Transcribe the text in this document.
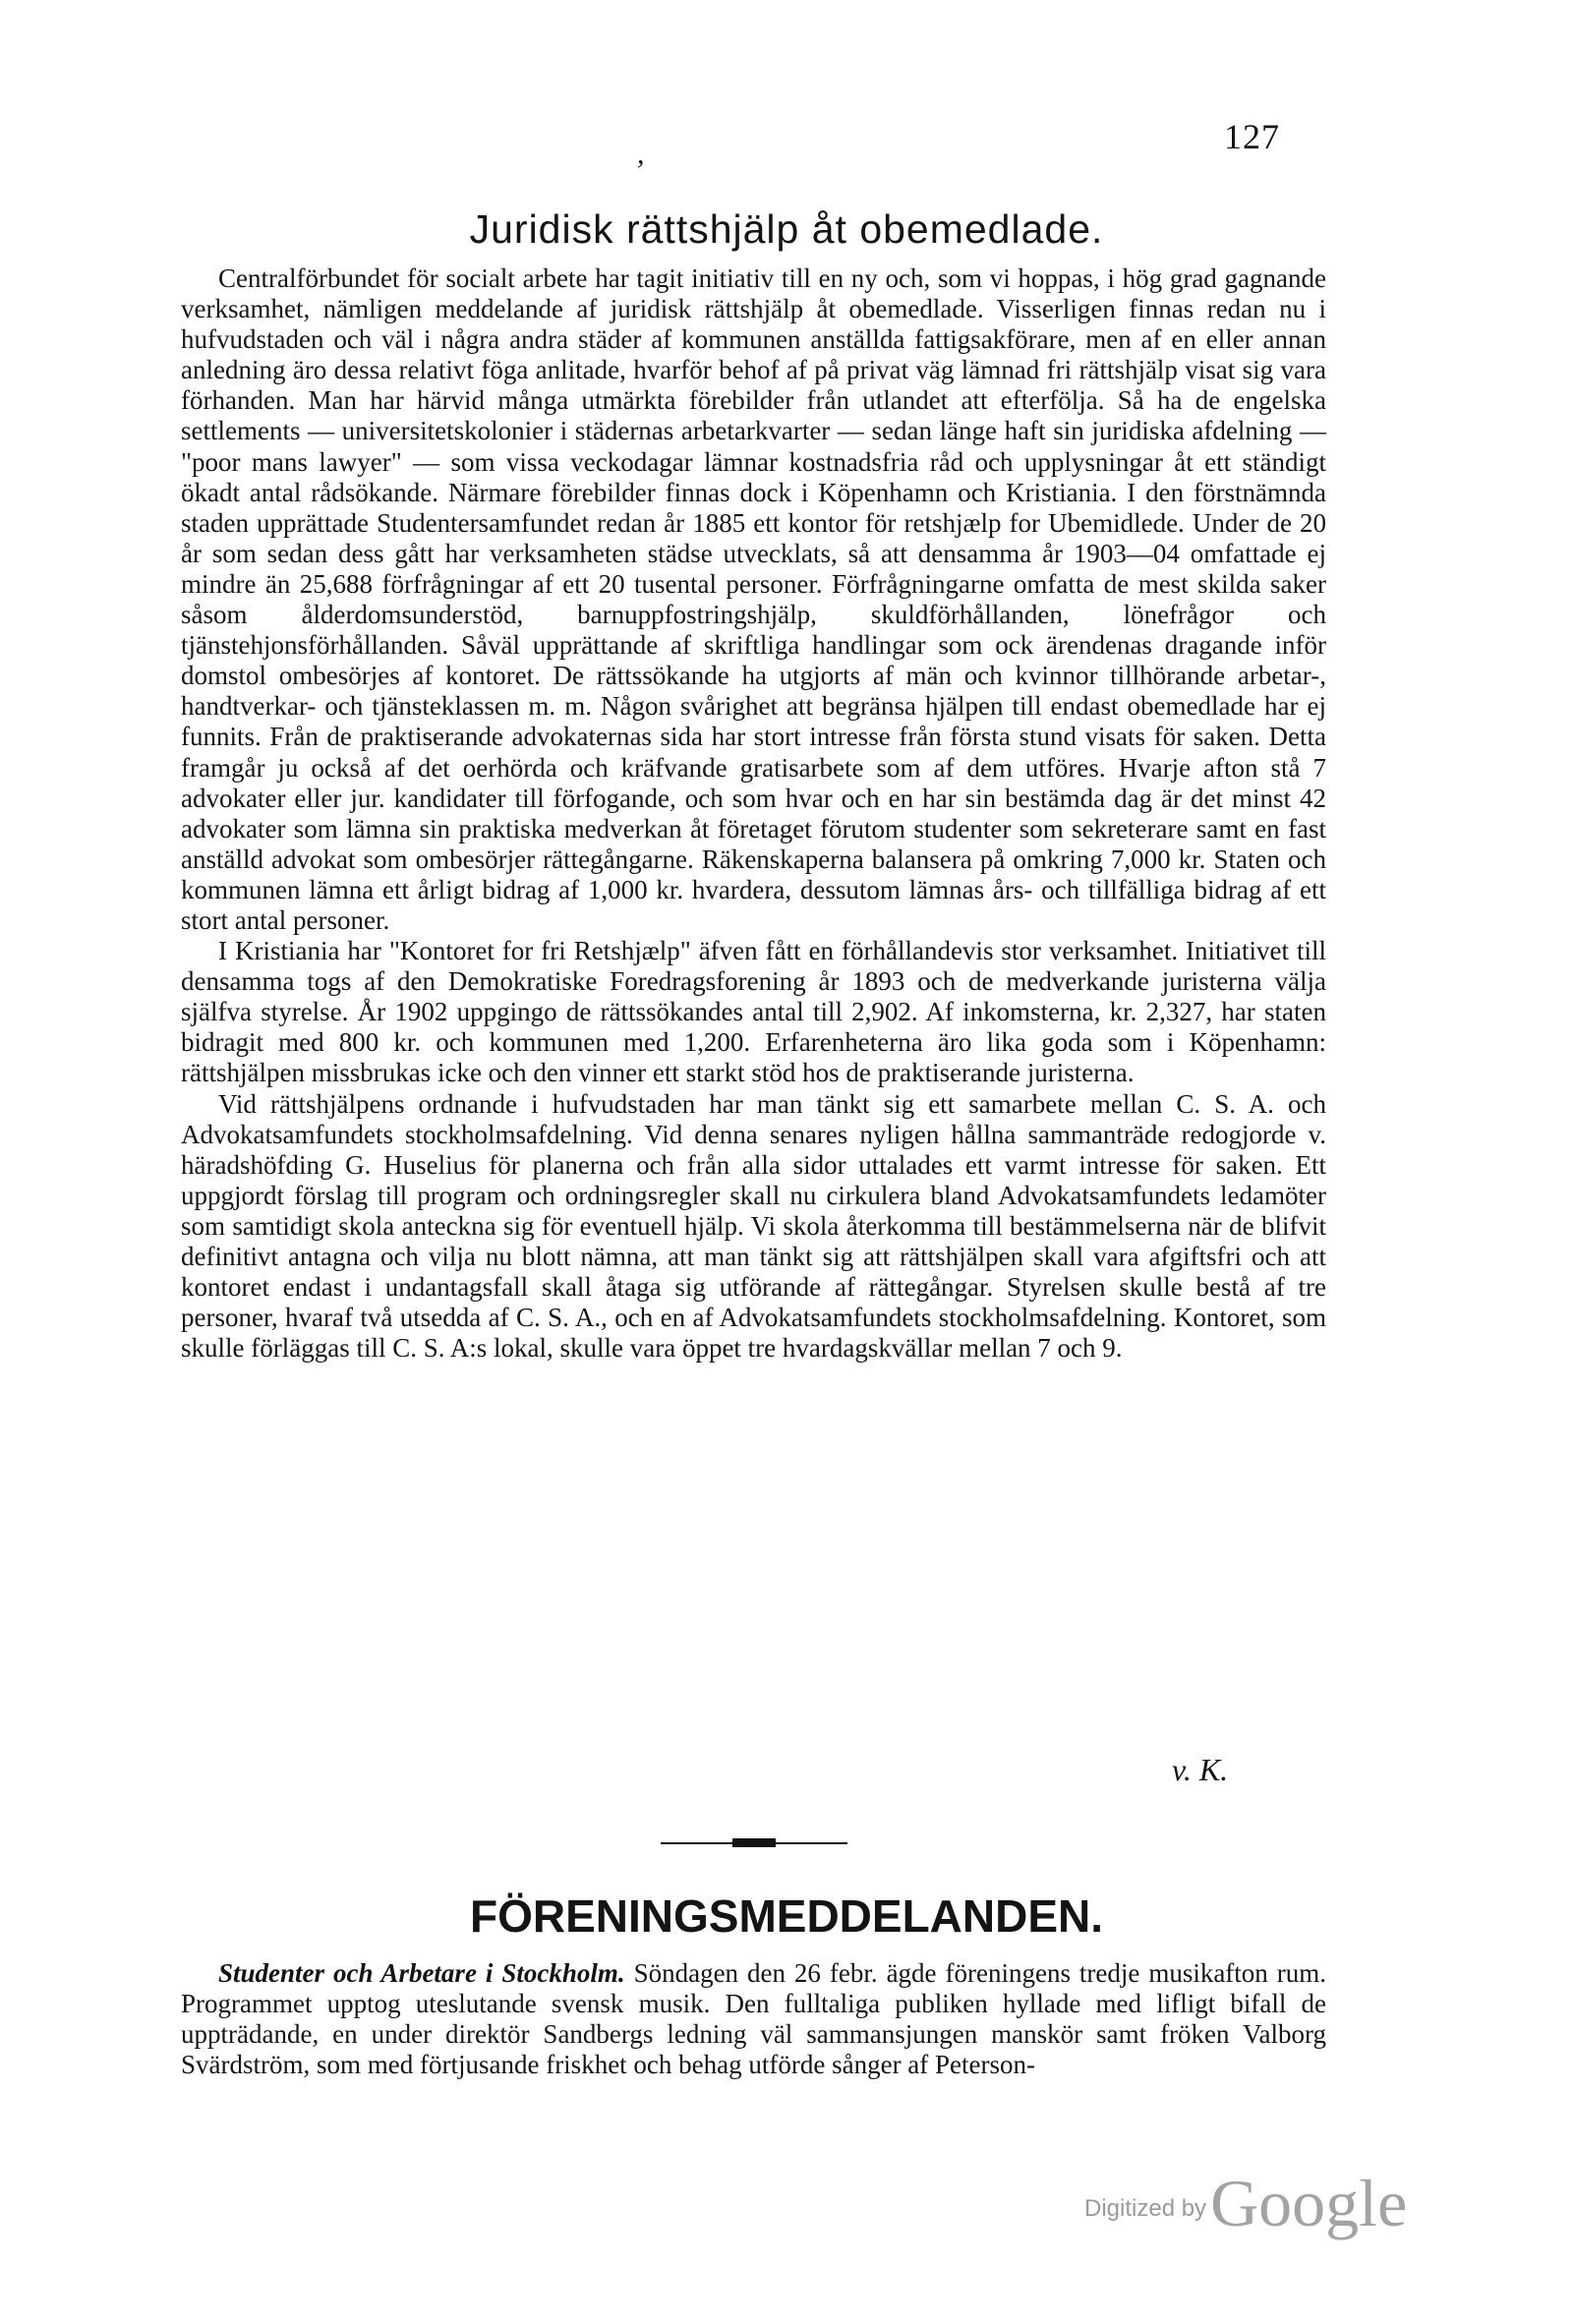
127
,
Juridisk rättshjälp åt obemedlade.

Centralförbundet för socialt arbete har tagit initiativ till en ny och, som vi hoppas, i hög grad gagnande verksamhet, nämligen meddelande af juridisk rättshjälp åt obemedlade. Visserligen finnas redan nu i hufvudstaden och väl i några andra städer af kommunen anställda fattigsakförare, men af en eller annan anledning äro dessa relativt föga anlitade, hvarför behof af på privat väg lämnad fri rättshjälp visat sig vara förhanden. Man har härvid många utmärkta förebilder från utlandet att efterfölja. Så ha de engelska settlements — universitetskolonier i städernas arbetarkvarter — sedan länge haft sin juridiska afdelning — "poor mans lawyer" — som vissa veckodagar lämnar kostnadsfria råd och upplysningar åt ett ständigt ökadt antal rådsökande. Närmare förebilder finnas dock i Köpenhamn och Kristiania. I den förstnämnda staden upprättade Studentersamfundet redan år 1885 ett kontor för retshjælp for Ubemidlede. Under de 20 år som sedan dess gått har verksamheten städse utvecklats, så att densamma år 1903—04 omfattade ej mindre än 25,688 förfrågningar af ett 20 tusental personer. Förfrågningarne omfatta de mest skilda saker såsom ålderdomsunderstöd, barnuppfostringshjälp, skuldförhållanden, lönefrågor och tjänstehjonsförhållanden. Såväl upprättande af skriftliga handlingar som ock ärendenas dragande inför domstol ombesörjes af kontoret. De rättssökande ha utgjorts af män och kvinnor tillhörande arbetar-, handtverkar- och tjänsteklassen m. m. Någon svårighet att begränsa hjälpen till endast obemedlade har ej funnits. Från de praktiserande advokaternas sida har stort intresse från första stund visats för saken. Detta framgår ju också af det oerhörda och kräfvande gratisarbete som af dem utföres. Hvarje afton stå 7 advokater eller jur. kandidater till förfogande, och som hvar och en har sin bestämda dag är det minst 42 advokater som lämna sin praktiska medverkan åt företaget förutom studenter som sekreterare samt en fast anställd advokat som ombesörjer rättegångarne. Räkenskaperna balansera på omkring 7,000 kr. Staten och kommunen lämna ett årligt bidrag af 1,000 kr. hvardera, dessutom lämnas års- och tillfälliga bidrag af ett stort antal personer.

I Kristiania har "Kontoret for fri Retshjælp" äfven fått en förhållandevis stor verksamhet. Initiativet till densamma togs af den Demokratiske Foredragsforening år 1893 och de medverkande juristerna välja själfva styrelse. År 1902 uppgingo de rättssökandes antal till 2,902. Af inkomsterna, kr. 2,327, har staten bidragit med 800 kr. och kommunen med 1,200. Erfarenheterna äro lika goda som i Köpenhamn: rättshjälpen missbrukas icke och den vinner ett starkt stöd hos de praktiserande juristerna.

Vid rättshjälpens ordnande i hufvudstaden har man tänkt sig ett samarbete mellan C. S. A. och Advokatsamfundets stockholmsafdelning. Vid denna senares nyligen hållna sammanträde redogjorde v. häradshöfding G. Huselius för planerna och från alla sidor uttalades ett varmt intresse för saken. Ett uppgjordt förslag till program och ordningsregler skall nu cirkulera bland Advokatsamfundets ledamöter som samtidigt skola anteckna sig för eventuell hjälp. Vi skola återkomma till bestämmelserna när de blifvit definitivt antagna och vilja nu blott nämna, att man tänkt sig att rättshjälpen skall vara afgiftsfri och att kontoret endast i undantagsfall skall åtaga sig utförande af rättegångar. Styrelsen skulle bestå af tre personer, hvaraf två utsedda af C. S. A., och en af Advokatsamfundets stockholmsafdelning. Kontoret, som skulle förläggas till C. S. A:s lokal, skulle vara öppet tre hvardagskvällar mellan 7 och 9.

v. K.
FÖRENINGSMEDDELANDEN.

Studenter och Arbetare i Stockholm. Söndagen den 26 febr. ägde föreningens tredje musikafton rum. Programmet upptog uteslutande svensk musik. Den fulltaliga publiken hyllade med lifligt bifall de uppträdande, en under direktör Sandbergs ledning väl sammansjungen manskör samt fröken Valborg Svärdström, som med förtjusande friskhet och behag utförde sånger af Peterson-

Digitized by Google
